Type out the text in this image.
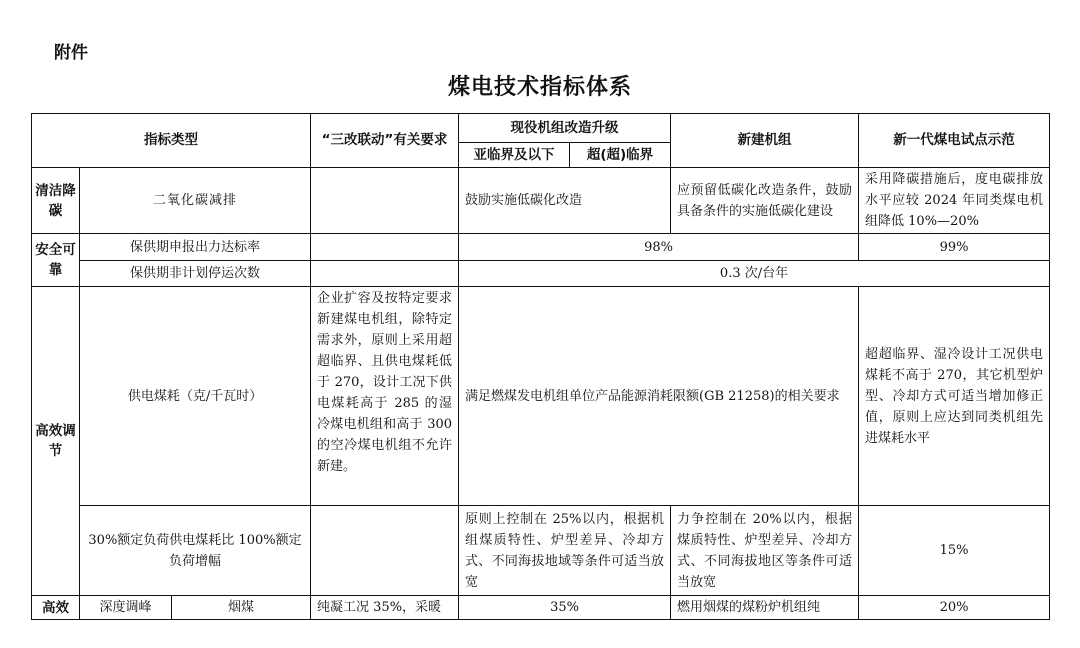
附件
煤电技术指标体系
指标类型			“三改联动”有关要求	现役机组改造升级		新建机组	新一代煤电试点示范
				亚临界及以下	超(超)临界		
清洁降碳	二氧化碳减排			鼓励实施低碳化改造		应预留低碳化改造条件，鼓励具备条件的实施低碳化建设	采用降碳措施后，度电碳排放水平应较 2024 年同类煤电机组降低 10%—20%
安全可靠	保供期申报出力达标率			98%			99%
	保供期非计划停运次数			0.3 次/台年			
高效调节	供电煤耗（克/千瓦时）		企业扩容及按特定要求新建煤电机组，除特定需求外，原则上采用超超临界、且供电煤耗低于 270，设计工况下供电煤耗高于 285 的湿冷煤电机组和高于 300 的空冷煤电机组不允许新建。	满足燃煤发电机组单位产品能源消耗限额(GB 21258)的相关要求			超超临界、湿冷设计工况供电煤耗不高于 270，其它机型炉型、冷却方式可适当增加修正值，原则上应达到同类机组先进煤耗水平
	30%额定负荷供电煤耗比 100%额定负荷增幅			原则上控制在 25%以内，根据机组煤质特性、炉型差异、冷却方式、不同海拔地域等条件可适当放宽		力争控制在 20%以内，根据煤质特性、炉型差异、冷却方式、不同海拔地区等条件可适当放宽	15%
高效	深度调峰	烟煤	纯凝工况 35%，采暖	35%		燃用烟煤的煤粉炉机组纯	20%
